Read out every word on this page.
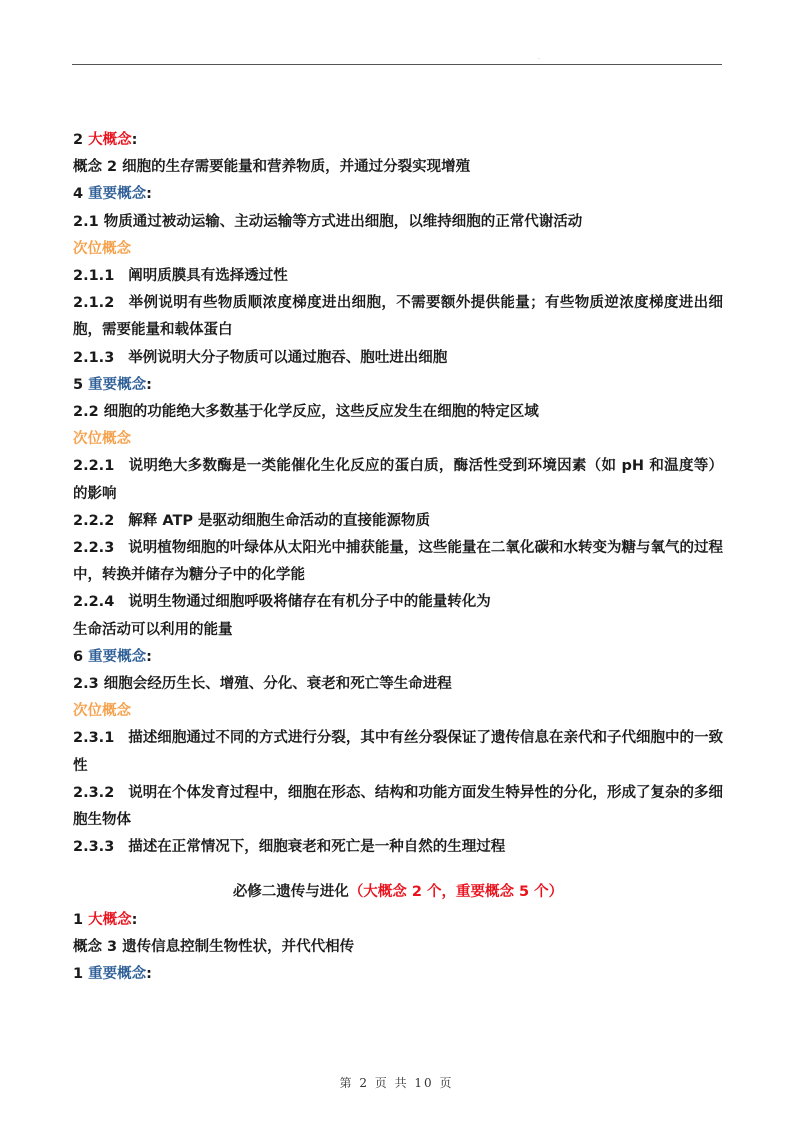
.
2 大概念:
概念 2 细胞的生存需要能量和营养物质，并通过分裂实现增殖
4 重要概念:
2.1 物质通过被动运输、主动运输等方式进出细胞，以维持细胞的正常代谢活动
次位概念
2.1.1 阐明质膜具有选择透过性
2.1.2 举例说明有些物质顺浓度梯度进出细胞，不需要额外提供能量；有些物质逆浓度梯度进出细胞，需要能量和载体蛋白
2.1.3 举例说明大分子物质可以通过胞吞、胞吐进出细胞
5 重要概念:
2.2 细胞的功能绝大多数基于化学反应，这些反应发生在细胞的特定区域
次位概念
2.2.1 说明绝大多数酶是一类能催化生化反应的蛋白质，酶活性受到环境因素（如 pH 和温度等）的影响
2.2.2 解释 ATP 是驱动细胞生命活动的直接能源物质
2.2.3 说明植物细胞的叶绿体从太阳光中捕获能量，这些能量在二氧化碳和水转变为糖与氧气的过程中，转换并储存为糖分子中的化学能
2.2.4 说明生物通过细胞呼吸将储存在有机分子中的能量转化为
生命活动可以利用的能量
6 重要概念:
2.3 细胞会经历生长、增殖、分化、衰老和死亡等生命进程
次位概念
2.3.1 描述细胞通过不同的方式进行分裂，其中有丝分裂保证了遗传信息在亲代和子代细胞中的一致性
2.3.2 说明在个体发育过程中，细胞在形态、结构和功能方面发生特异性的分化，形成了复杂的多细胞生物体
2.3.3 描述在正常情况下，细胞衰老和死亡是一种自然的生理过程
必修二遗传与进化（大概念 2 个，重要概念 5 个）
1 大概念:
概念 3 遗传信息控制生物性状，并代代相传
1 重要概念:
第 2 页 共 10 页
